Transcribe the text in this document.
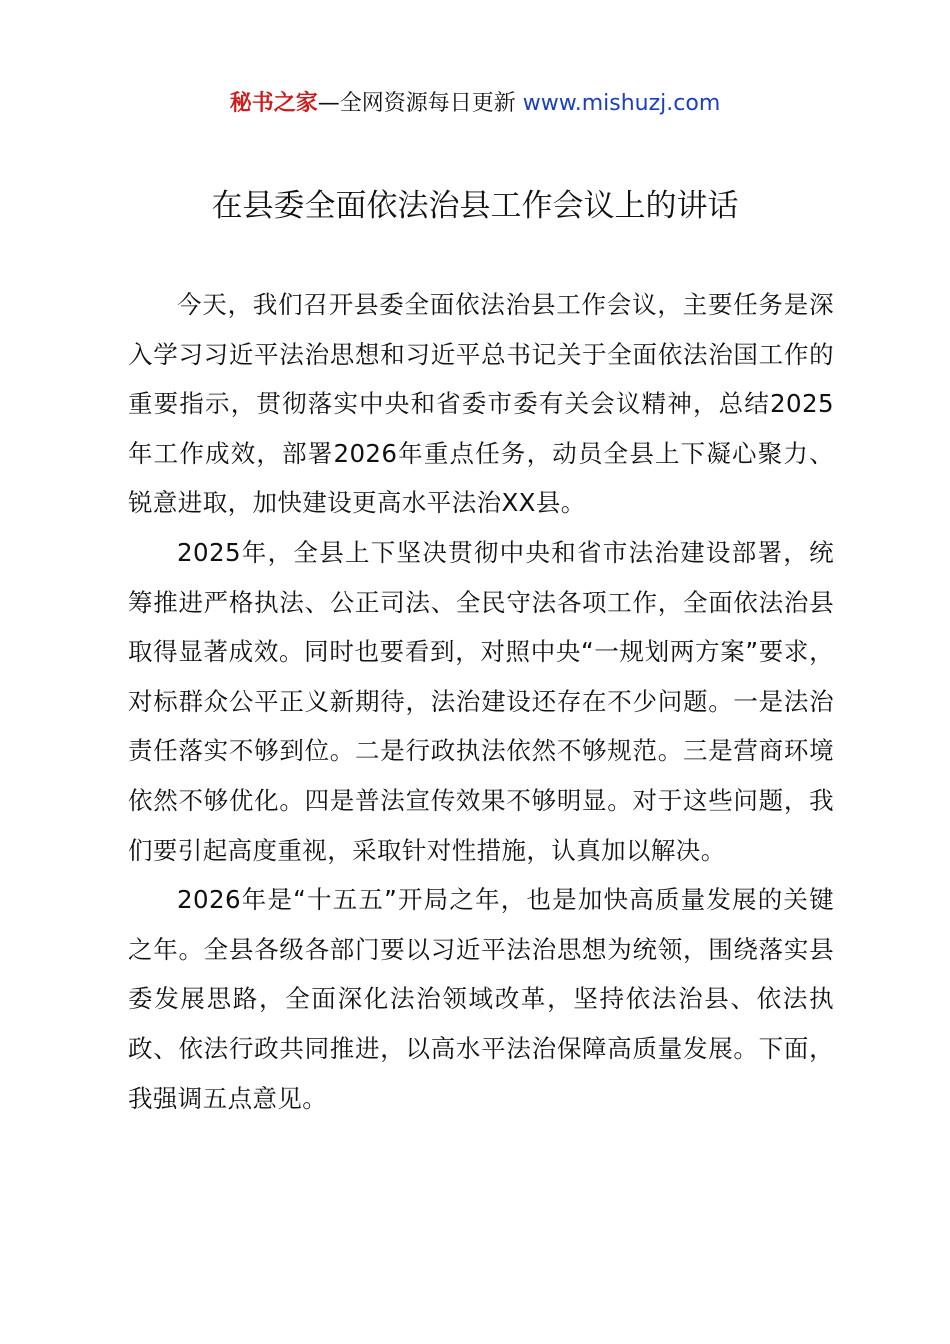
秘书之家—全网资源每日更新 www.mishuzj.com
在县委全面依法治县工作会议上的讲话

今天，我们召开县委全面依法治县工作会议，主要任务是深入学习习近平法治思想和习近平总书记关于全面依法治国工作的重要指示，贯彻落实中央和省委市委有关会议精神，总结2025年工作成效，部署2026年重点任务，动员全县上下凝心聚力、锐意进取，加快建设更高水平法治XX县。

2025年，全县上下坚决贯彻中央和省市法治建设部署，统筹推进严格执法、公正司法、全民守法各项工作，全面依法治县取得显著成效。同时也要看到，对照中央“一规划两方案”要求，对标群众公平正义新期待，法治建设还存在不少问题。一是法治责任落实不够到位。二是行政执法依然不够规范。三是营商环境依然不够优化。四是普法宣传效果不够明显。对于这些问题，我们要引起高度重视，采取针对性措施，认真加以解决。

2026年是“十五五”开局之年，也是加快高质量发展的关键之年。全县各级各部门要以习近平法治思想为统领，围绕落实县委发展思路，全面深化法治领域改革，坚持依法治县、依法执政、依法行政共同推进，以高水平法治保障高质量发展。下面，我强调五点意见。
